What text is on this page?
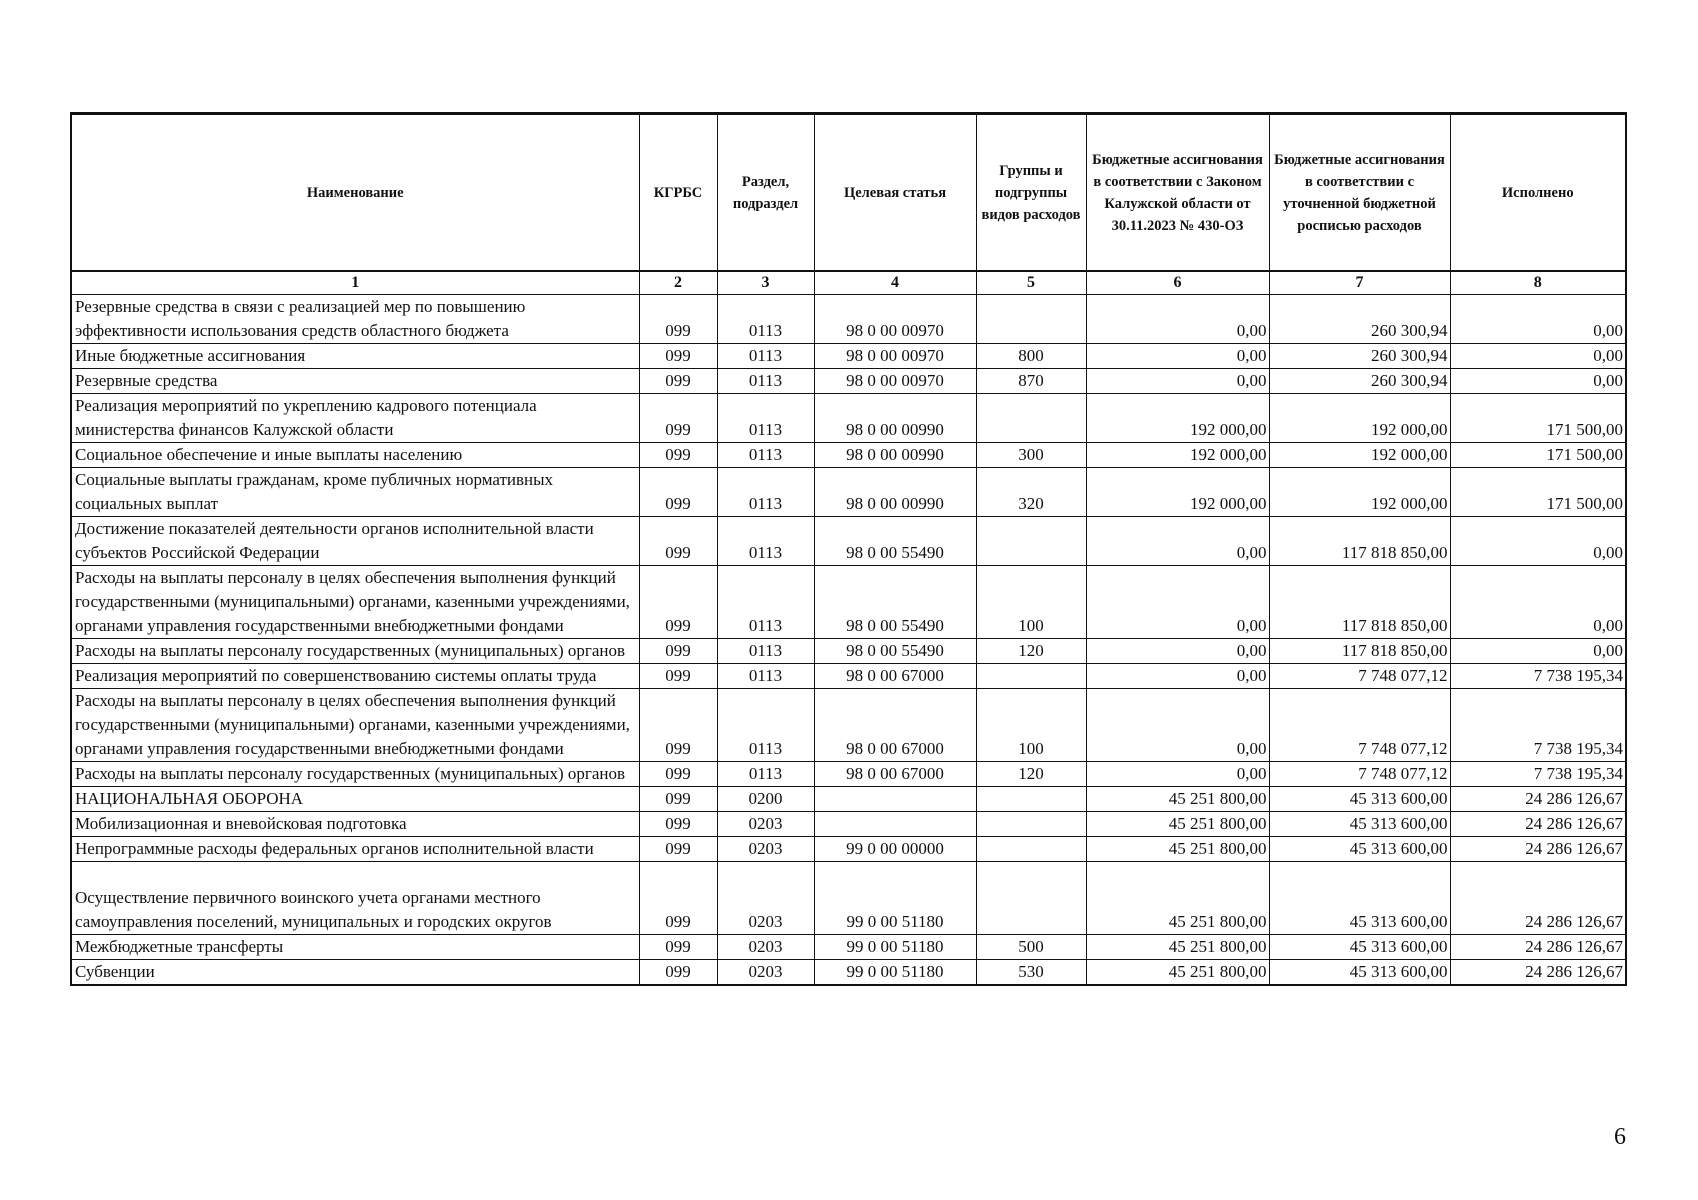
Наименование	КГРБС	Раздел, подраздел	Целевая статья	Группы и подгруппы видов расходов	Бюджетные ассигнования в соответствии с Законом Калужской области от 30.11.2023 № 430-ОЗ	Бюджетные ассигнования в соответствии с уточненной бюджетной росписью расходов	Исполнено
1	2	3	4	5	6	7	8
Резервные средства в связи с реализацией мер по повышению эффективности использования средств областного бюджета	099	0113	98 0 00 00970		0,00	260 300,94	0,00
Иные бюджетные ассигнования	099	0113	98 0 00 00970	800	0,00	260 300,94	0,00
Резервные средства	099	0113	98 0 00 00970	870	0,00	260 300,94	0,00
Реализация мероприятий по укреплению кадрового потенциала министерства финансов Калужской области	099	0113	98 0 00 00990		192 000,00	192 000,00	171 500,00
Социальное обеспечение и иные выплаты населению	099	0113	98 0 00 00990	300	192 000,00	192 000,00	171 500,00
Социальные выплаты гражданам, кроме публичных нормативных социальных выплат	099	0113	98 0 00 00990	320	192 000,00	192 000,00	171 500,00
Достижение показателей деятельности органов исполнительной власти субъектов Российской Федерации	099	0113	98 0 00 55490		0,00	117 818 850,00	0,00
Расходы на выплаты персоналу в целях обеспечения выполнения функций государственными (муниципальными) органами, казенными учреждениями, органами управления государственными внебюджетными фондами	099	0113	98 0 00 55490	100	0,00	117 818 850,00	0,00
Расходы на выплаты персоналу государственных (муниципальных) органов	099	0113	98 0 00 55490	120	0,00	117 818 850,00	0,00
Реализация мероприятий по совершенствованию системы оплаты труда	099	0113	98 0 00 67000		0,00	7 748 077,12	7 738 195,34
Расходы на выплаты персоналу в целях обеспечения выполнения функций государственными (муниципальными) органами, казенными учреждениями, органами управления государственными внебюджетными фондами	099	0113	98 0 00 67000	100	0,00	7 748 077,12	7 738 195,34
Расходы на выплаты персоналу государственных (муниципальных) органов	099	0113	98 0 00 67000	120	0,00	7 748 077,12	7 738 195,34
НАЦИОНАЛЬНАЯ ОБОРОНА	099	0200			45 251 800,00	45 313 600,00	24 286 126,67
Мобилизационная и вневойсковая подготовка	099	0203			45 251 800,00	45 313 600,00	24 286 126,67
Непрограммные расходы федеральных органов исполнительной власти	099	0203	99 0 00 00000		45 251 800,00	45 313 600,00	24 286 126,67
Осуществление первичного воинского учета органами местного самоуправления поселений, муниципальных и городских округов	099	0203	99 0 00 51180		45 251 800,00	45 313 600,00	24 286 126,67
Межбюджетные трансферты	099	0203	99 0 00 51180	500	45 251 800,00	45 313 600,00	24 286 126,67
Субвенции	099	0203	99 0 00 51180	530	45 251 800,00	45 313 600,00	24 286 126,67
6
